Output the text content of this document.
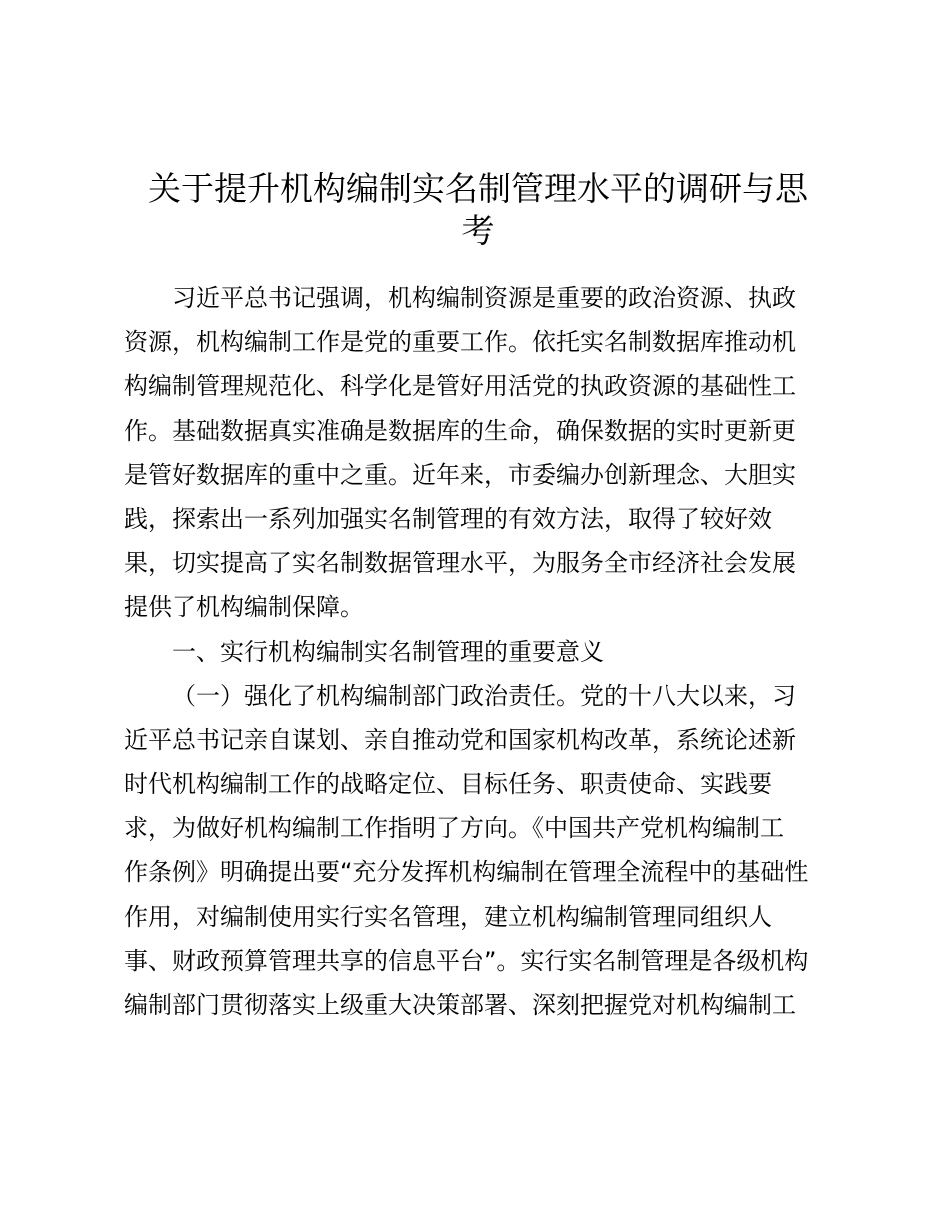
关于提升机构编制实名制管理水平的调研与思
考
习近平总书记强调，机构编制资源是重要的政治资源、执政
资源，机构编制工作是党的重要工作。依托实名制数据库推动机
构编制管理规范化、科学化是管好用活党的执政资源的基础性工
作。基础数据真实准确是数据库的生命，确保数据的实时更新更
是管好数据库的重中之重。近年来，市委编办创新理念、大胆实
践，探索出一系列加强实名制管理的有效方法，取得了较好效
果，切实提高了实名制数据管理水平，为服务全市经济社会发展
提供了机构编制保障。
一、实行机构编制实名制管理的重要意义
（一）强化了机构编制部门政治责任。党的十八大以来，习
近平总书记亲自谋划、亲自推动党和国家机构改革，系统论述新
时代机构编制工作的战略定位、目标任务、职责使命、实践要
求，为做好机构编制工作指明了方向。《中国共产党机构编制工
作条例》明确提出要“充分发挥机构编制在管理全流程中的基础性
作用，对编制使用实行实名管理，建立机构编制管理同组织人
事、财政预算管理共享的信息平台”。实行实名制管理是各级机构
编制部门贯彻落实上级重大决策部署、深刻把握党对机构编制工
